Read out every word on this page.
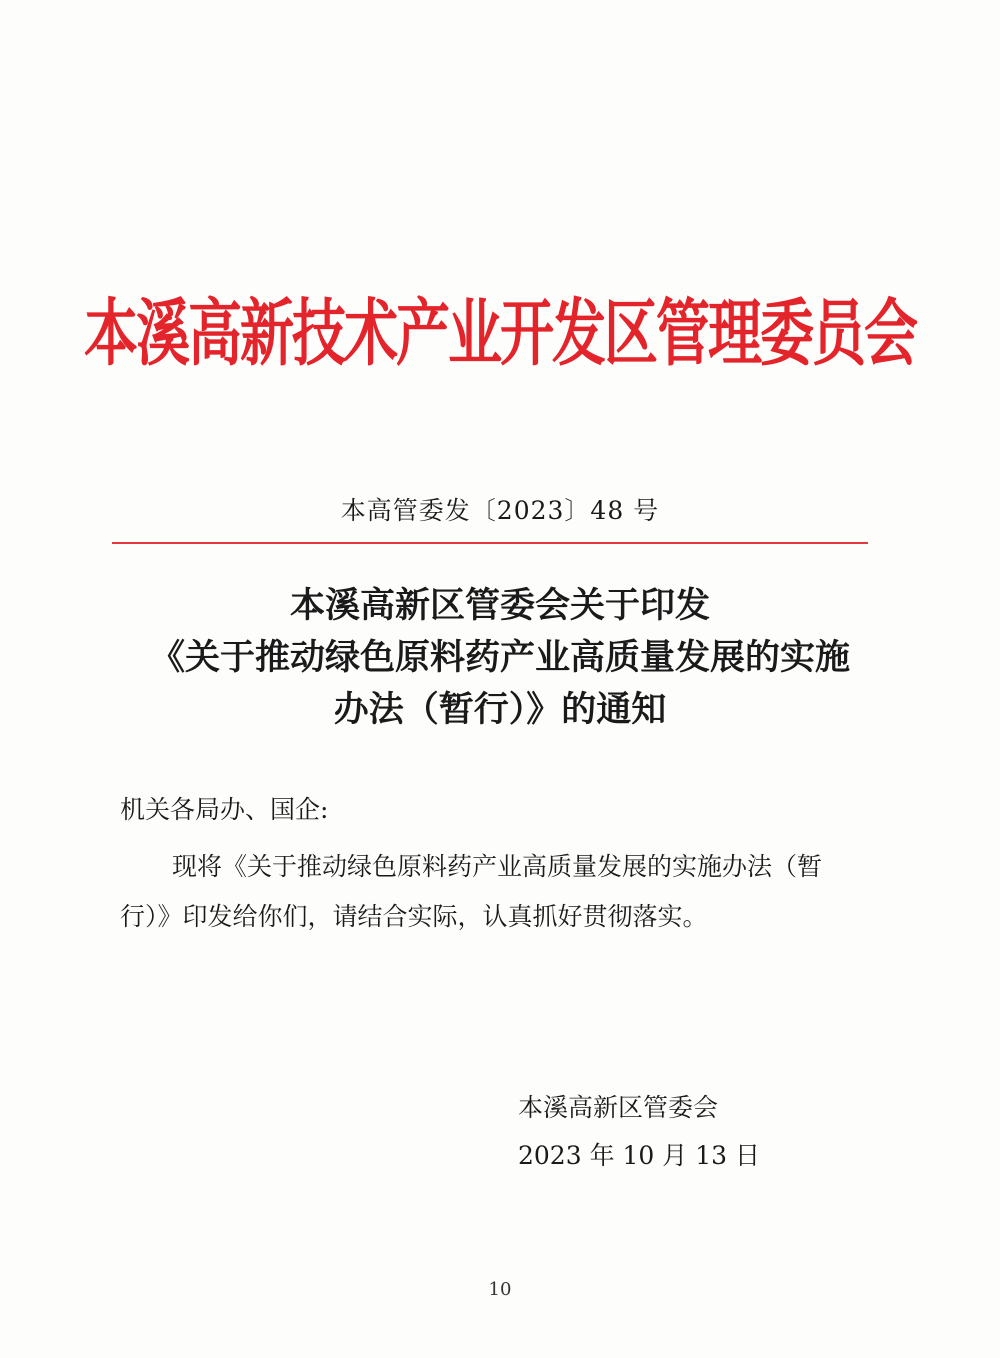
本溪高新技术产业开发区管理委员会
本高管委发〔2023〕48 号
本溪高新区管委会关于印发
《关于推动绿色原料药产业高质量发展的实施
办法（暂行）》的通知
机关各局办、国企:
现将《关于推动绿色原料药产业高质量发展的实施办法（暂
行）》印发给你们，请结合实际，认真抓好贯彻落实。
本溪高新区管委会
2023 年 10 月 13 日
10
